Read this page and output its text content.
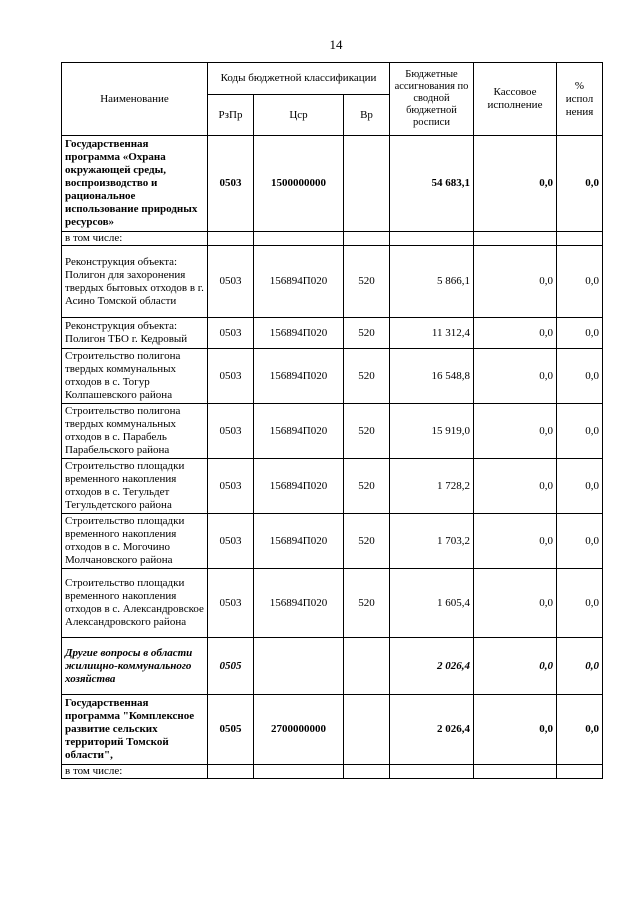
14
Наименование	Коды бюджетной классификации			Бюджетные ассигнования по сводной бюджетной росписи	Кассовое исполнение	% испол нения
	РзПр	Цср	Вр			
Государственная программа «Охрана окружающей среды, воспроизводство и рациональное использование природных ресурсов»	0503	1500000000		54 683,1	0,0	0,0
в том числе:						
Реконструкция объекта: Полигон для захоронения твердых бытовых отходов в г. Асино Томской области	0503	156894П020	520	5 866,1	0,0	0,0
Реконструкция объекта: Полигон ТБО г. Кедровый	0503	156894П020	520	11 312,4	0,0	0,0
Строительство полигона твердых коммунальных отходов в с. Тогур Колпашевского района	0503	156894П020	520	16 548,8	0,0	0,0
Строительство полигона твердых коммунальных отходов в с. Парабель Парабельского района	0503	156894П020	520	15 919,0	0,0	0,0
Строительство площадки временного накопления отходов в с. Тегульдет Тегульдетского района	0503	156894П020	520	1 728,2	0,0	0,0
Строительство площадки временного накопления отходов в с. Могочино Молчановского района	0503	156894П020	520	1 703,2	0,0	0,0
Строительство площадки временного накопления отходов в с. Александровское Александровского района	0503	156894П020	520	1 605,4	0,0	0,0
Другие вопросы в области жилищно-коммунального хозяйства	0505			2 026,4	0,0	0,0
Государственная программа "Комплексное развитие сельских территорий Томской области",	0505	2700000000		2 026,4	0,0	0,0
в том числе:						
